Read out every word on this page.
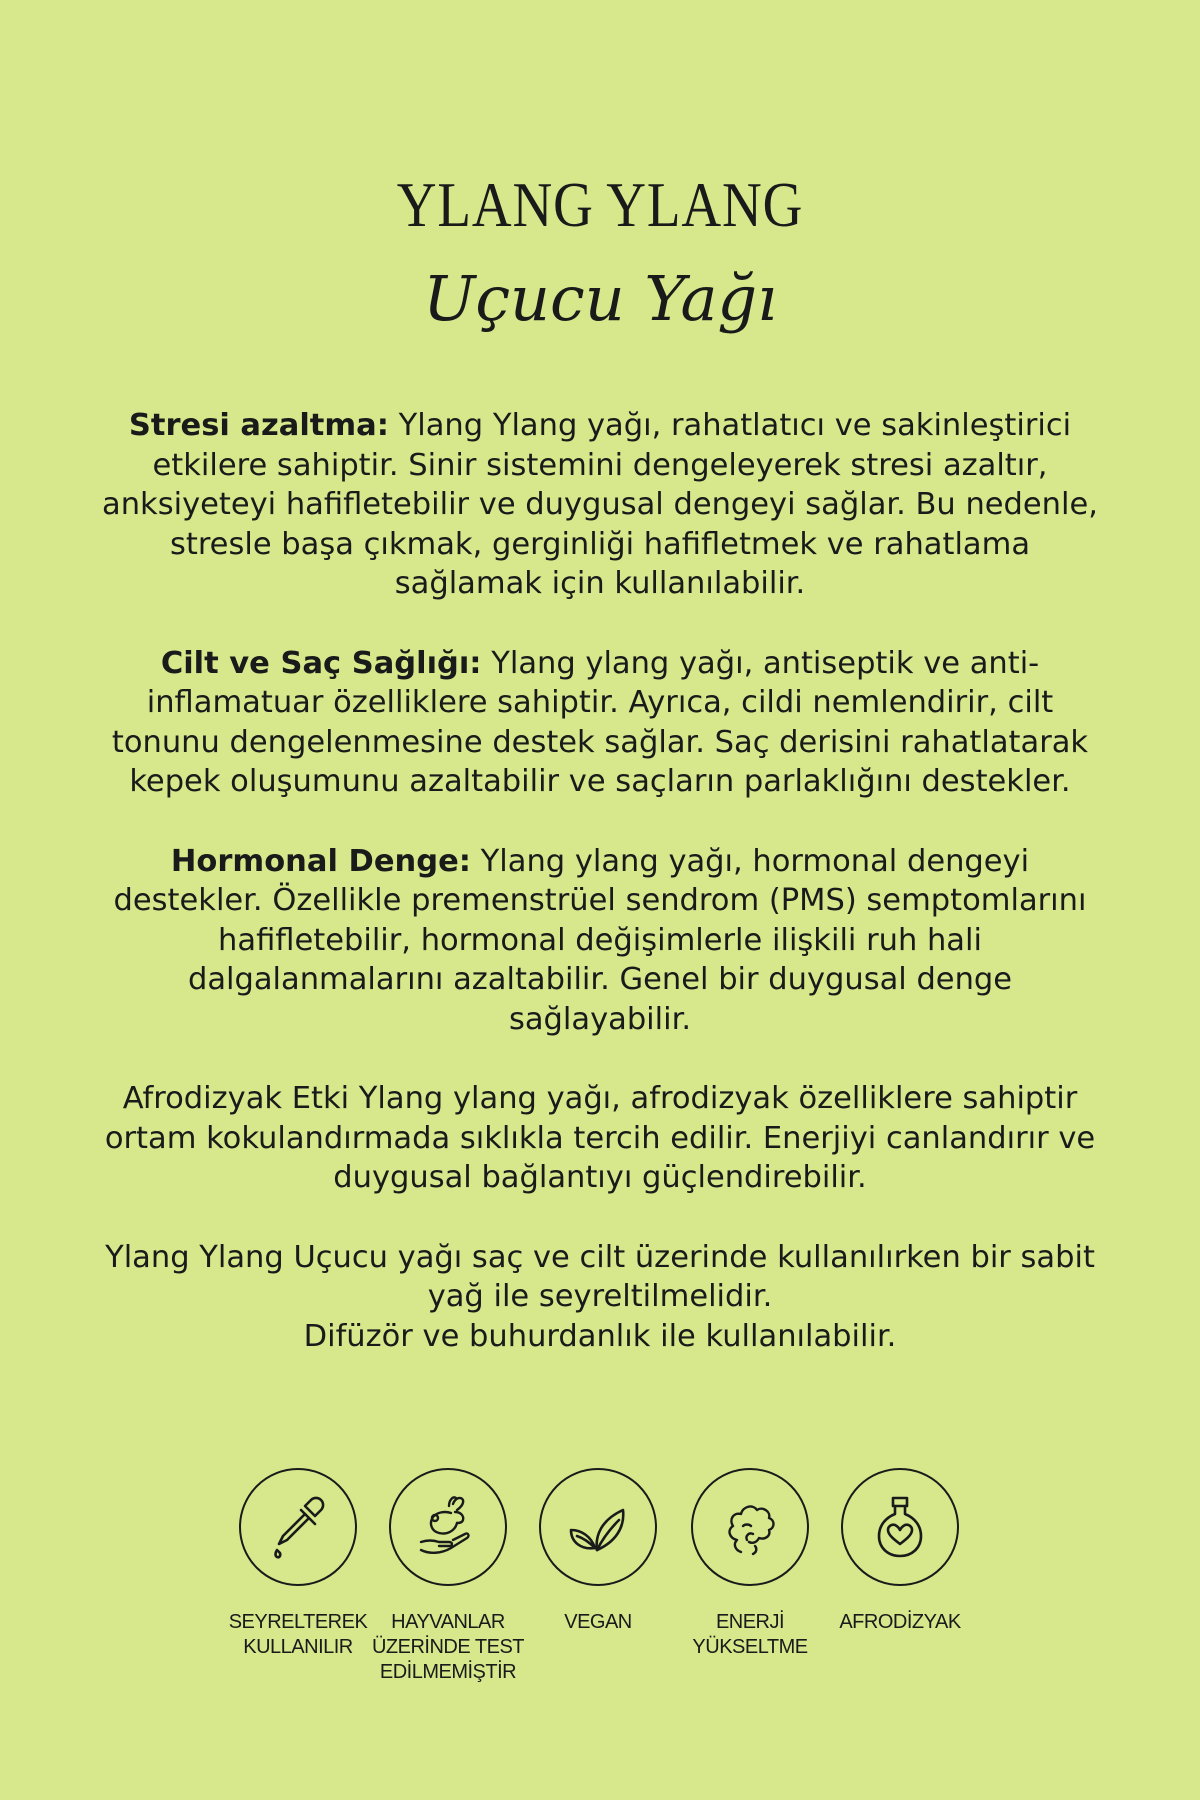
YLANG YLANG
Uçucu Yağı

Stresi azaltma: Ylang Ylang yağı, rahatlatıcı ve sakinleştirici etkilere sahiptir. Sinir sistemini dengeleyerek stresi azaltır, anksiyeteyi hafifletebilir ve duygusal dengeyi sağlar. Bu nedenle, stresle başa çıkmak, gerginliği hafifletmek ve rahatlama sağlamak için kullanılabilir.

Cilt ve Saç Sağlığı: Ylang ylang yağı, antiseptik ve anti-inflamatuar özelliklere sahiptir. Ayrıca, cildi nemlendirir, cilt tonunu dengelenmesine destek sağlar. Saç derisini rahatlatarak kepek oluşumunu azaltabilir ve saçların parlaklığını destekler.

Hormonal Denge: Ylang ylang yağı, hormonal dengeyi destekler. Özellikle premenstrüel sendrom (PMS) semptomlarını hafifletebilir, hormonal değişimlerle ilişkili ruh hali dalgalanmalarını azaltabilir. Genel bir duygusal denge sağlayabilir.

Afrodizyak Etki Ylang ylang yağı, afrodizyak özelliklere sahiptir ortam kokulandırmada sıklıkla tercih edilir. Enerjiyi canlandırır ve duygusal bağlantıyı güçlendirebilir.

Ylang Ylang Uçucu yağı saç ve cilt üzerinde kullanılırken bir sabit yağ ile seyreltilmelidir.
Difüzör ve buhurdanlık ile kullanılabilir.

SEYRELTEREK
KULLANILIR
HAYVANLAR
ÜZERİNDE TEST
EDİLMEMİŞTİR
VEGAN	ENERJİ
YÜKSELTME
AFRODİZYAK
